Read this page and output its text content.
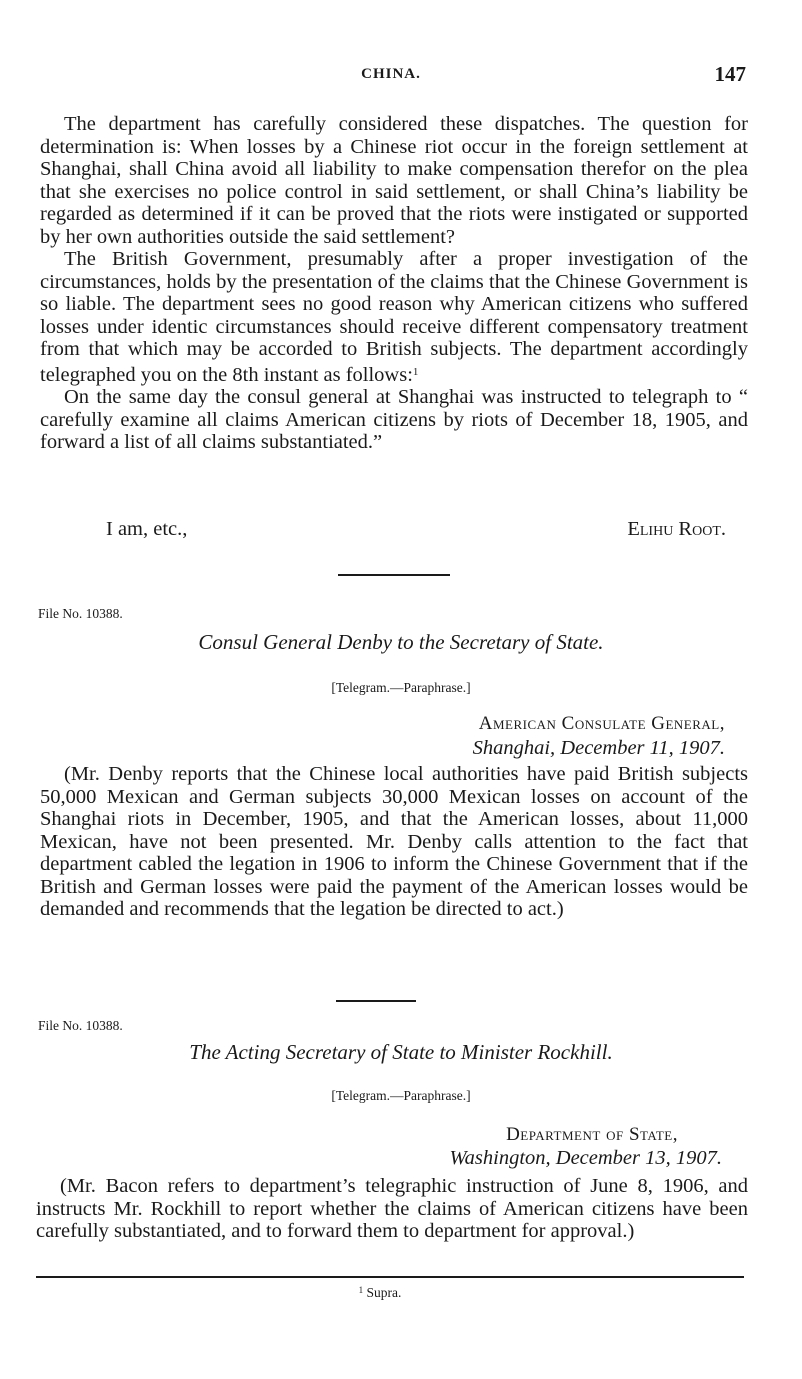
CHINA.	147

The department has carefully considered these dispatches. The question for determination is: When losses by a Chinese riot occur in the foreign settlement at Shanghai, shall China avoid all liability to make compensation therefor on the plea that she exercises no police control in said settlement, or shall China’s liability be regarded as determined if it can be proved that the riots were instigated or supported by her own authorities outside the said settlement?

The British Government, presumably after a proper investigation of the circumstances, holds by the presentation of the claims that the Chinese Government is so liable. The department sees no good reason why American citizens who suffered losses under identic circumstances should receive different compensatory treatment from that which may be accorded to British subjects. The department accordingly telegraphed you on the 8th instant as follows:$^1$

On the same day the consul general at Shanghai was instructed to telegraph to “ carefully examine all claims American citizens by riots of December 18, 1905, and forward a list of all claims substantiated.”

I am, etc.,	Elihu Root.
File No. 10388.
Consul General Denby to the Secretary of State.
[Telegram.—Paraphrase.]
American Consulate General,
Shanghai, December 11, 1907.

(Mr. Denby reports that the Chinese local authorities have paid British subjects 50,000 Mexican and German subjects 30,000 Mexican losses on account of the Shanghai riots in December, 1905, and that the American losses, about 11,000 Mexican, have not been presented. Mr. Denby calls attention to the fact that department cabled the legation in 1906 to inform the Chinese Government that if the British and German losses were paid the payment of the American losses would be demanded and recommends that the legation be directed to act.)

File No. 10388.
The Acting Secretary of State to Minister Rockhill.
[Telegram.—Paraphrase.]
Department of State,
Washington, December 13, 1907.

(Mr. Bacon refers to department’s telegraphic instruction of June 8, 1906, and instructs Mr. Rockhill to report whether the claims of American citizens have been carefully substantiated, and to forward them to department for approval.)

$^1$ Supra.
